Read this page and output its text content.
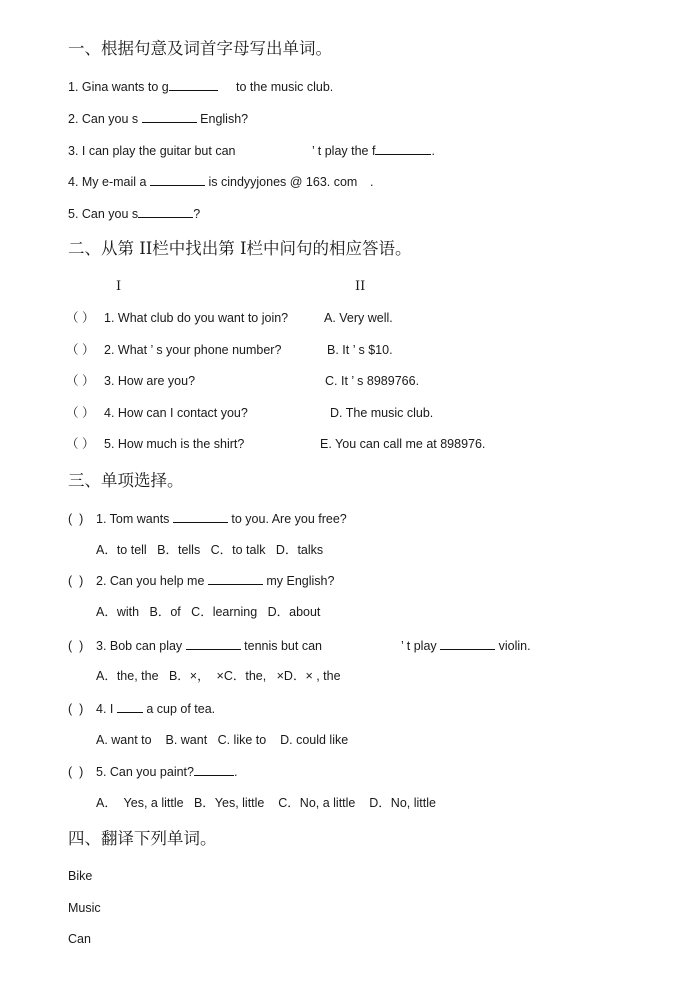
一、根据句意及词首字母写出单词。
1. Gina wants to g	to the music club.
2. Can you s	English?
3. I can play the guitar but can	’ t play the f	.
4. My e-mail a	is cindyyjones @ 163. com .
5. Can you s	?
二、从第 II栏中找出第 I栏中问句的相应答语。
I	II
（ ） 1. What club do you want to join?	A. Very well.
（ ） 2. What ’ s your phone number?	B. It ’ s $10.
（ ） 3. How are you?	C. It ’ s 8989766.
（ ） 4. How can I contact you?	D. The music club.
（ ） 5. How much is the shirt?	E. You can call me at 898976.
三、单项选择。
(  ) 1. Tom wants	to you. Are you free?
A．to tell   B．tells   C．to talk   D．talks
(  ) 2. Can you help me	my English?
A．with   B．of   C．learning   D．about
(  ) 3. Bob can play	tennis but can	’ t play	violin.
A．the, the   B．×，  ×C．the,   ×D．× , the
(  ) 4. I	a cup of tea.
A. want to    B. want   C. like to    D. could like
(  ) 5. Can you paint?	.
A．  Yes, a little   B．Yes, little    C．No, a little    D．No, little
四、翻译下列单词。
Bike
Music
Can
